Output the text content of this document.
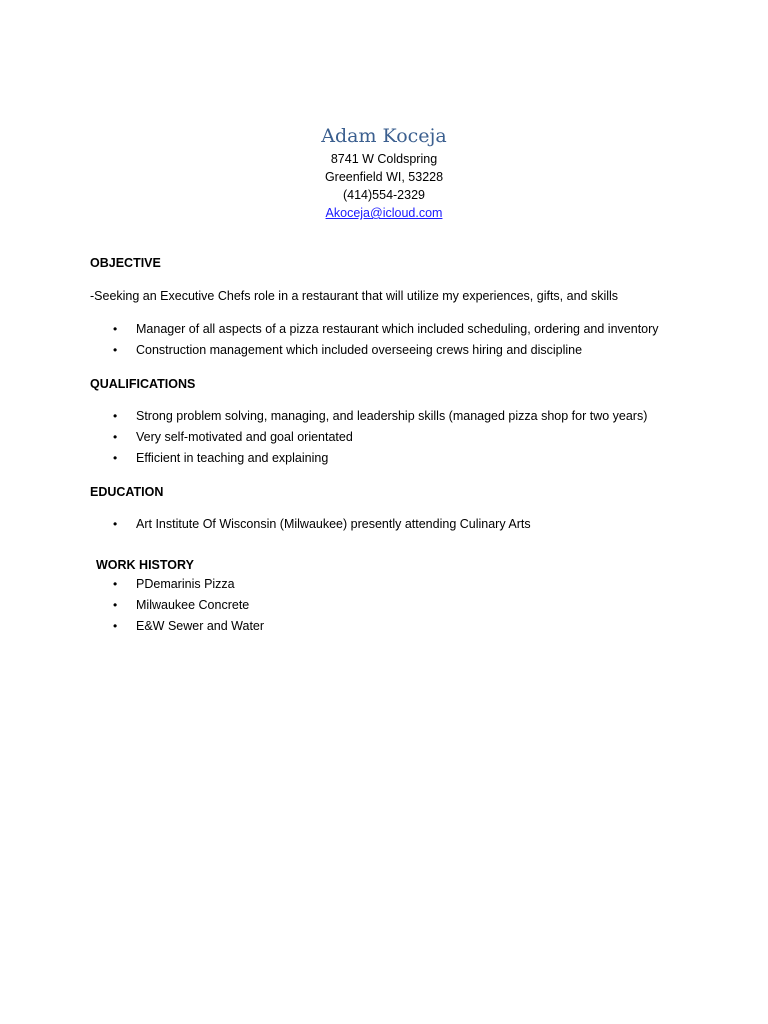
Adam Koceja

8741 W Coldspring

Greenfield WI, 53228

(414)554-2329

Akoceja@icloud.com

OBJECTIVE

-Seeking an Executive Chefs role in a restaurant that will utilize my experiences, gifts, and skills

• Manager of all aspects of a pizza restaurant which included scheduling, ordering and inventory
• Construction management which included overseeing crews hiring and discipline

QUALIFICATIONS

• Strong problem solving, managing, and leadership skills (managed pizza shop for two years)
• Very self-motivated and goal orientated
• Efficient in teaching and explaining

EDUCATION

• Art Institute Of Wisconsin (Milwaukee) presently attending Culinary Arts

WORK HISTORY

• PDemarinis Pizza
• Milwaukee Concrete
• E&W Sewer and Water
